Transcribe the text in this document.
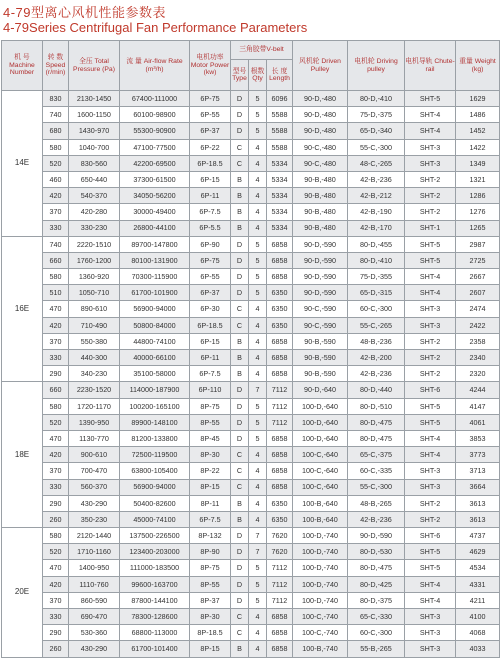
4-79型离心风机性能参数表
4-79Series Centrifugal Fan Performance Parameters
机 号 Machine Number	转 数 Speed (r/min)	全压 Total Pressure (Pa)	流 量 Air-flow Rate (m³/h)	电机功率 Motor Power (kw)	三角胶带V-belt			风机轮 Driven Pulley	电机轮 Driving pulley	电机导轨 Chute-rail	重量 Weight (kg)
					型号 Type	根数 Qty	长 度 Length				
14E	830	2130-1450	67400-111000	6P-75	D	5	6096	90-D,-480	80-D,-410	SHT-5	1629
	740	1600-1150	60100-98900	6P-55	D	5	5588	90-D,-480	75-D,-375	SHT-4	1486
	680	1430-970	55300-90900	6P-37	D	5	5588	90-D,-480	65-D,-340	SHT-4	1452
	580	1040-700	47100-77500	6P-22	C	4	5588	90-C,-480	55-C,-300	SHT-3	1422
	520	830-560	42200-69500	6P-18.5	C	4	5334	90-C,-480	48-C,-265	SHT-3	1349
	460	650-440	37300-61500	6P-15	B	4	5334	90-B,-480	42-B,-236	SHT-2	1321
	420	540-370	34050-56200	6P-11	B	4	5334	90-B,-480	42-B,-212	SHT-2	1286
	370	420-280	30000-49400	6P-7.5	B	4	5334	90-B,-480	42-B,-190	SHT-2	1276
	330	330-230	26800-44100	6P-5.5	B	4	5334	90-B,-480	42-B,-170	SHT-1	1265
16E	740	2220-1510	89700-147800	6P-90	D	5	6858	90-D,-590	80-D,-455	SHT-5	2987
	660	1760-1200	80100-131900	6P-75	D	5	6858	90-D,-590	80-D,-410	SHT-5	2725
	580	1360-920	70300-115900	6P-55	D	5	6858	90-D,-590	75-D,-355	SHT-4	2667
	510	1050-710	61700-101900	6P-37	D	5	6350	90-D,-590	65-D,-315	SHT-4	2607
	470	890-610	56900-94000	6P-30	C	4	6350	90-C,-590	60-C,-300	SHT-3	2474
	420	710-490	50800-84000	6P-18.5	C	4	6350	90-C,-590	55-C,-265	SHT-3	2422
	370	550-380	44800-74100	6P-15	B	4	6858	90-B,-590	48-B,-236	SHT-2	2358
	330	440-300	40000-66100	6P-11	B	4	6858	90-B,-590	42-B,-200	SHT-2	2340
	290	340-230	35100-58000	6P-7.5	B	4	6858	90-B,-590	42-B,-236	SHT-2	2320
18E	660	2230-1520	114000-187900	6P-110	D	7	7112	90-D,-640	80-D,-440	SHT-6	4244
	580	1720-1170	100200-165100	8P-75	D	5	7112	100-D,-640	80-D,-510	SHT-5	4147
	520	1390-950	89900-148100	8P-55	D	5	7112	100-D,-640	80-D,-475	SHT-5	4061
	470	1130-770	81200-133800	8P-45	D	5	6858	100-D,-640	80-D,-475	SHT-4	3853
	420	900-610	72500-119500	8P-30	C	4	6858	100-C,-640	65-C,-375	SHT-4	3773
	370	700-470	63800-105400	8P-22	C	4	6858	100-C,-640	60-C,-335	SHT-3	3713
	330	560-370	56900-94000	8P-15	C	4	6858	100-C,-640	55-C,-300	SHT-3	3664
	290	430-290	50400-82600	8P-11	B	4	6350	100-B,-640	48-B,-265	SHT-2	3613
	260	350-230	45000-74100	6P-7.5	B	4	6350	100-B,-640	42-B,-236	SHT-2	3613
20E	580	2120-1440	137500-226500	8P-132	D	7	7620	100-D,-740	90-D,-590	SHT-6	4737
	520	1710-1160	123400-203000	8P-90	D	7	7620	100-D,-740	80-D,-530	SHT-5	4629
	470	1400-950	111000-183500	8P-75	D	5	7112	100-D,-740	80-D,-475	SHT-5	4534
	420	1110-760	99600-163700	8P-55	D	5	7112	100-D,-740	80-D,-425	SHT-4	4331
	370	860-590	87800-144100	8P-37	D	5	7112	100-D,-740	80-D,-375	SHT-4	4211
	330	690-470	78300-128600	8P-30	C	4	6858	100-C,-740	65-C,-330	SHT-3	4100
	290	530-360	68800-113000	8P-18.5	C	4	6858	100-C,-740	60-C,-300	SHT-3	4068
	260	430-290	61700-101400	8P-15	B	4	6858	100-B,-740	55-B,-265	SHT-3	4033
